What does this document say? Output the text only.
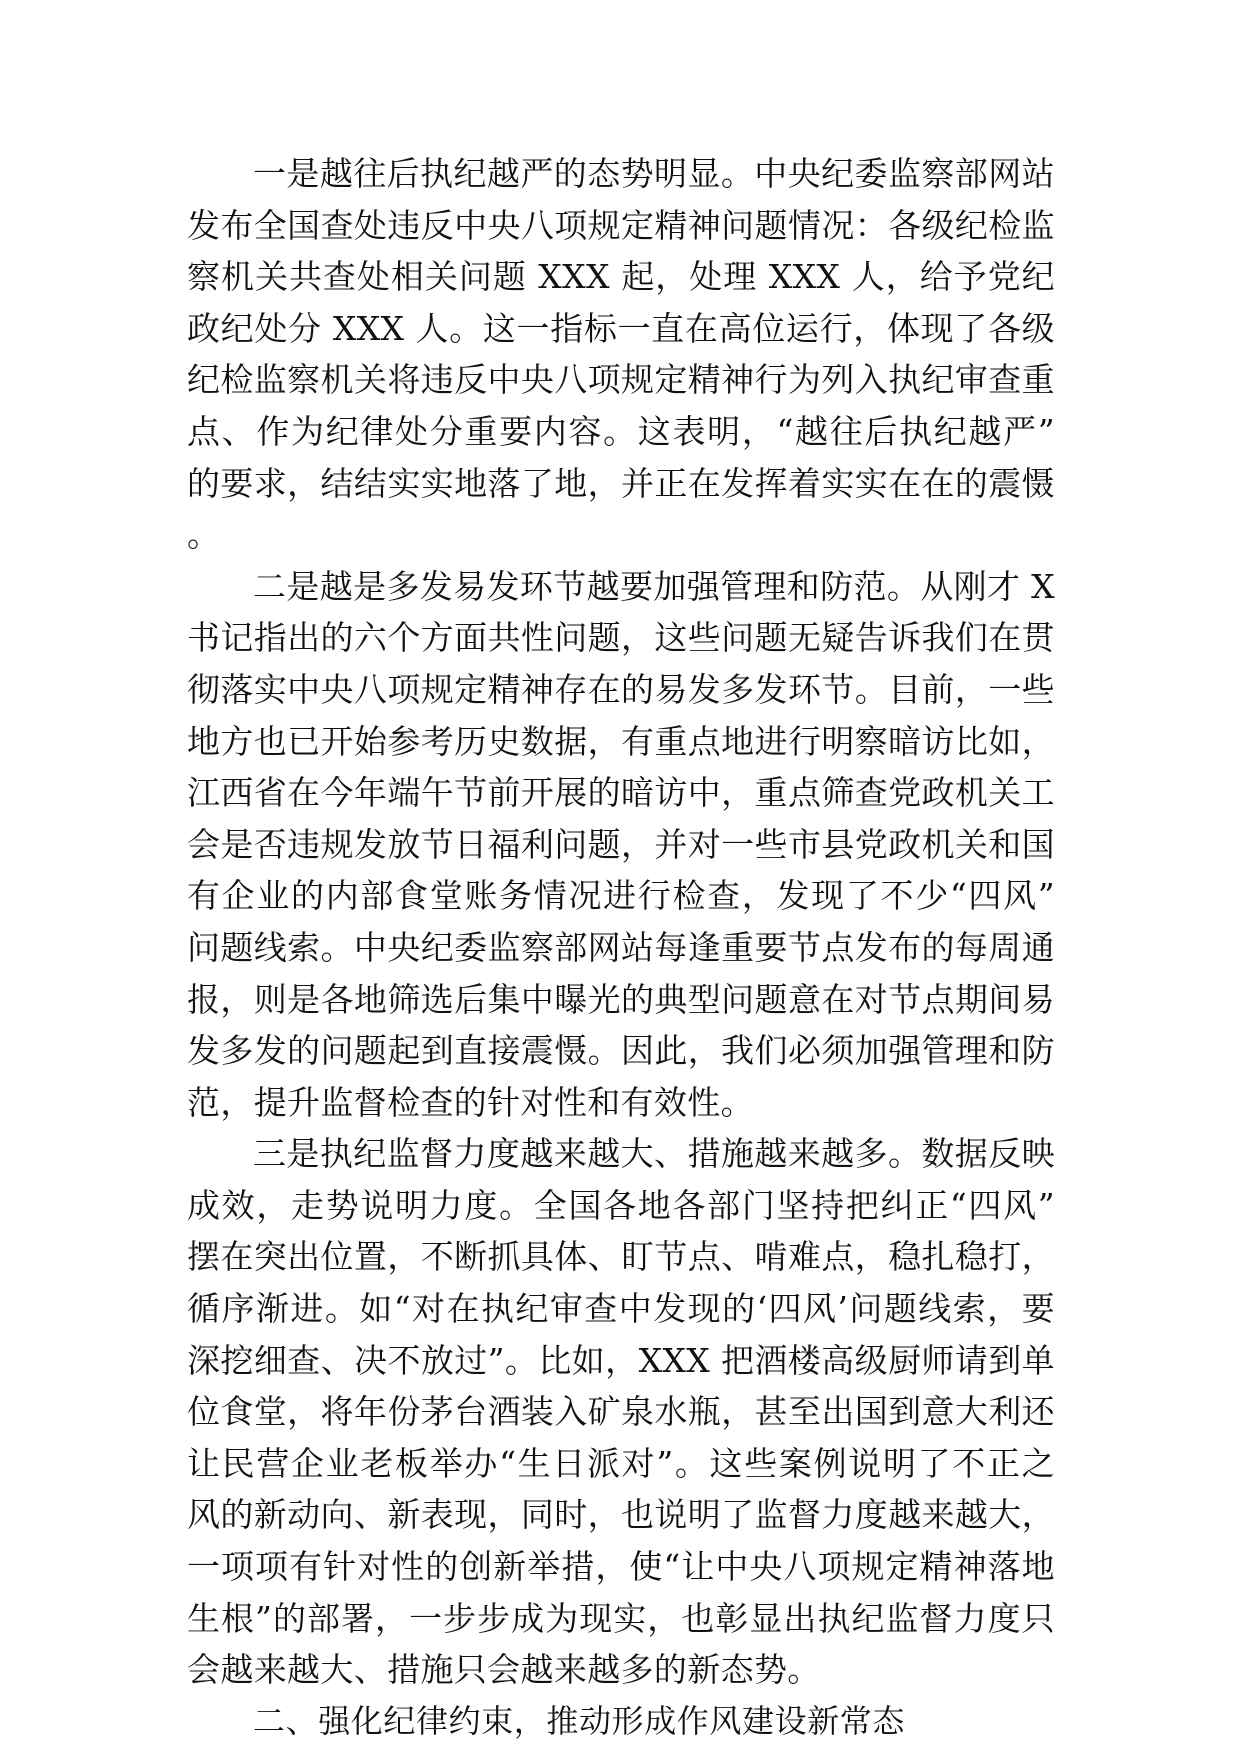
一是越往后执纪越严的态势明显。中央纪委监察部网站发布全国查处违反中央八项规定精神问题情况：各级纪检监察机关共查处相关问题 XXX 起，处理 XXX 人，给予党纪政纪处分 XXX 人。这一指标一直在高位运行，体现了各级纪检监察机关将违反中央八项规定精神行为列入执纪审查重点、作为纪律处分重要内容。这表明，“越往后执纪越严”的要求，结结实实地落了地，并正在发挥着实实在在的震慑。

二是越是多发易发环节越要加强管理和防范。从刚才 X 书记指出的六个方面共性问题，这些问题无疑告诉我们在贯彻落实中央八项规定精神存在的易发多发环节。目前，一些地方也已开始参考历史数据，有重点地进行明察暗访比如，江西省在今年端午节前开展的暗访中，重点筛查党政机关工会是否违规发放节日福利问题，并对一些市县党政机关和国有企业的内部食堂账务情况进行检查，发现了不少“四风”问题线索。中央纪委监察部网站每逢重要节点发布的每周通报，则是各地筛选后集中曝光的典型问题意在对节点期间易发多发的问题起到直接震慑。因此，我们必须加强管理和防范，提升监督检查的针对性和有效性。

三是执纪监督力度越来越大、措施越来越多。数据反映成效，走势说明力度。全国各地各部门坚持把纠正“四风”摆在突出位置，不断抓具体、盯节点、啃难点，稳扎稳打，循序渐进。如“对在执纪审查中发现的‘四风’问题线索，要深挖细查、决不放过”。比如，XXX 把酒楼高级厨师请到单位食堂，将年份茅台酒装入矿泉水瓶，甚至出国到意大利还让民营企业老板举办“生日派对”。这些案例说明了不正之风的新动向、新表现，同时，也说明了监督力度越来越大，一项项有针对性的创新举措，使“让中央八项规定精神落地生根”的部署，一步步成为现实，也彰显出执纪监督力度只会越来越大、措施只会越来越多的新态势。

二、强化纪律约束，推动形成作风建设新常态
